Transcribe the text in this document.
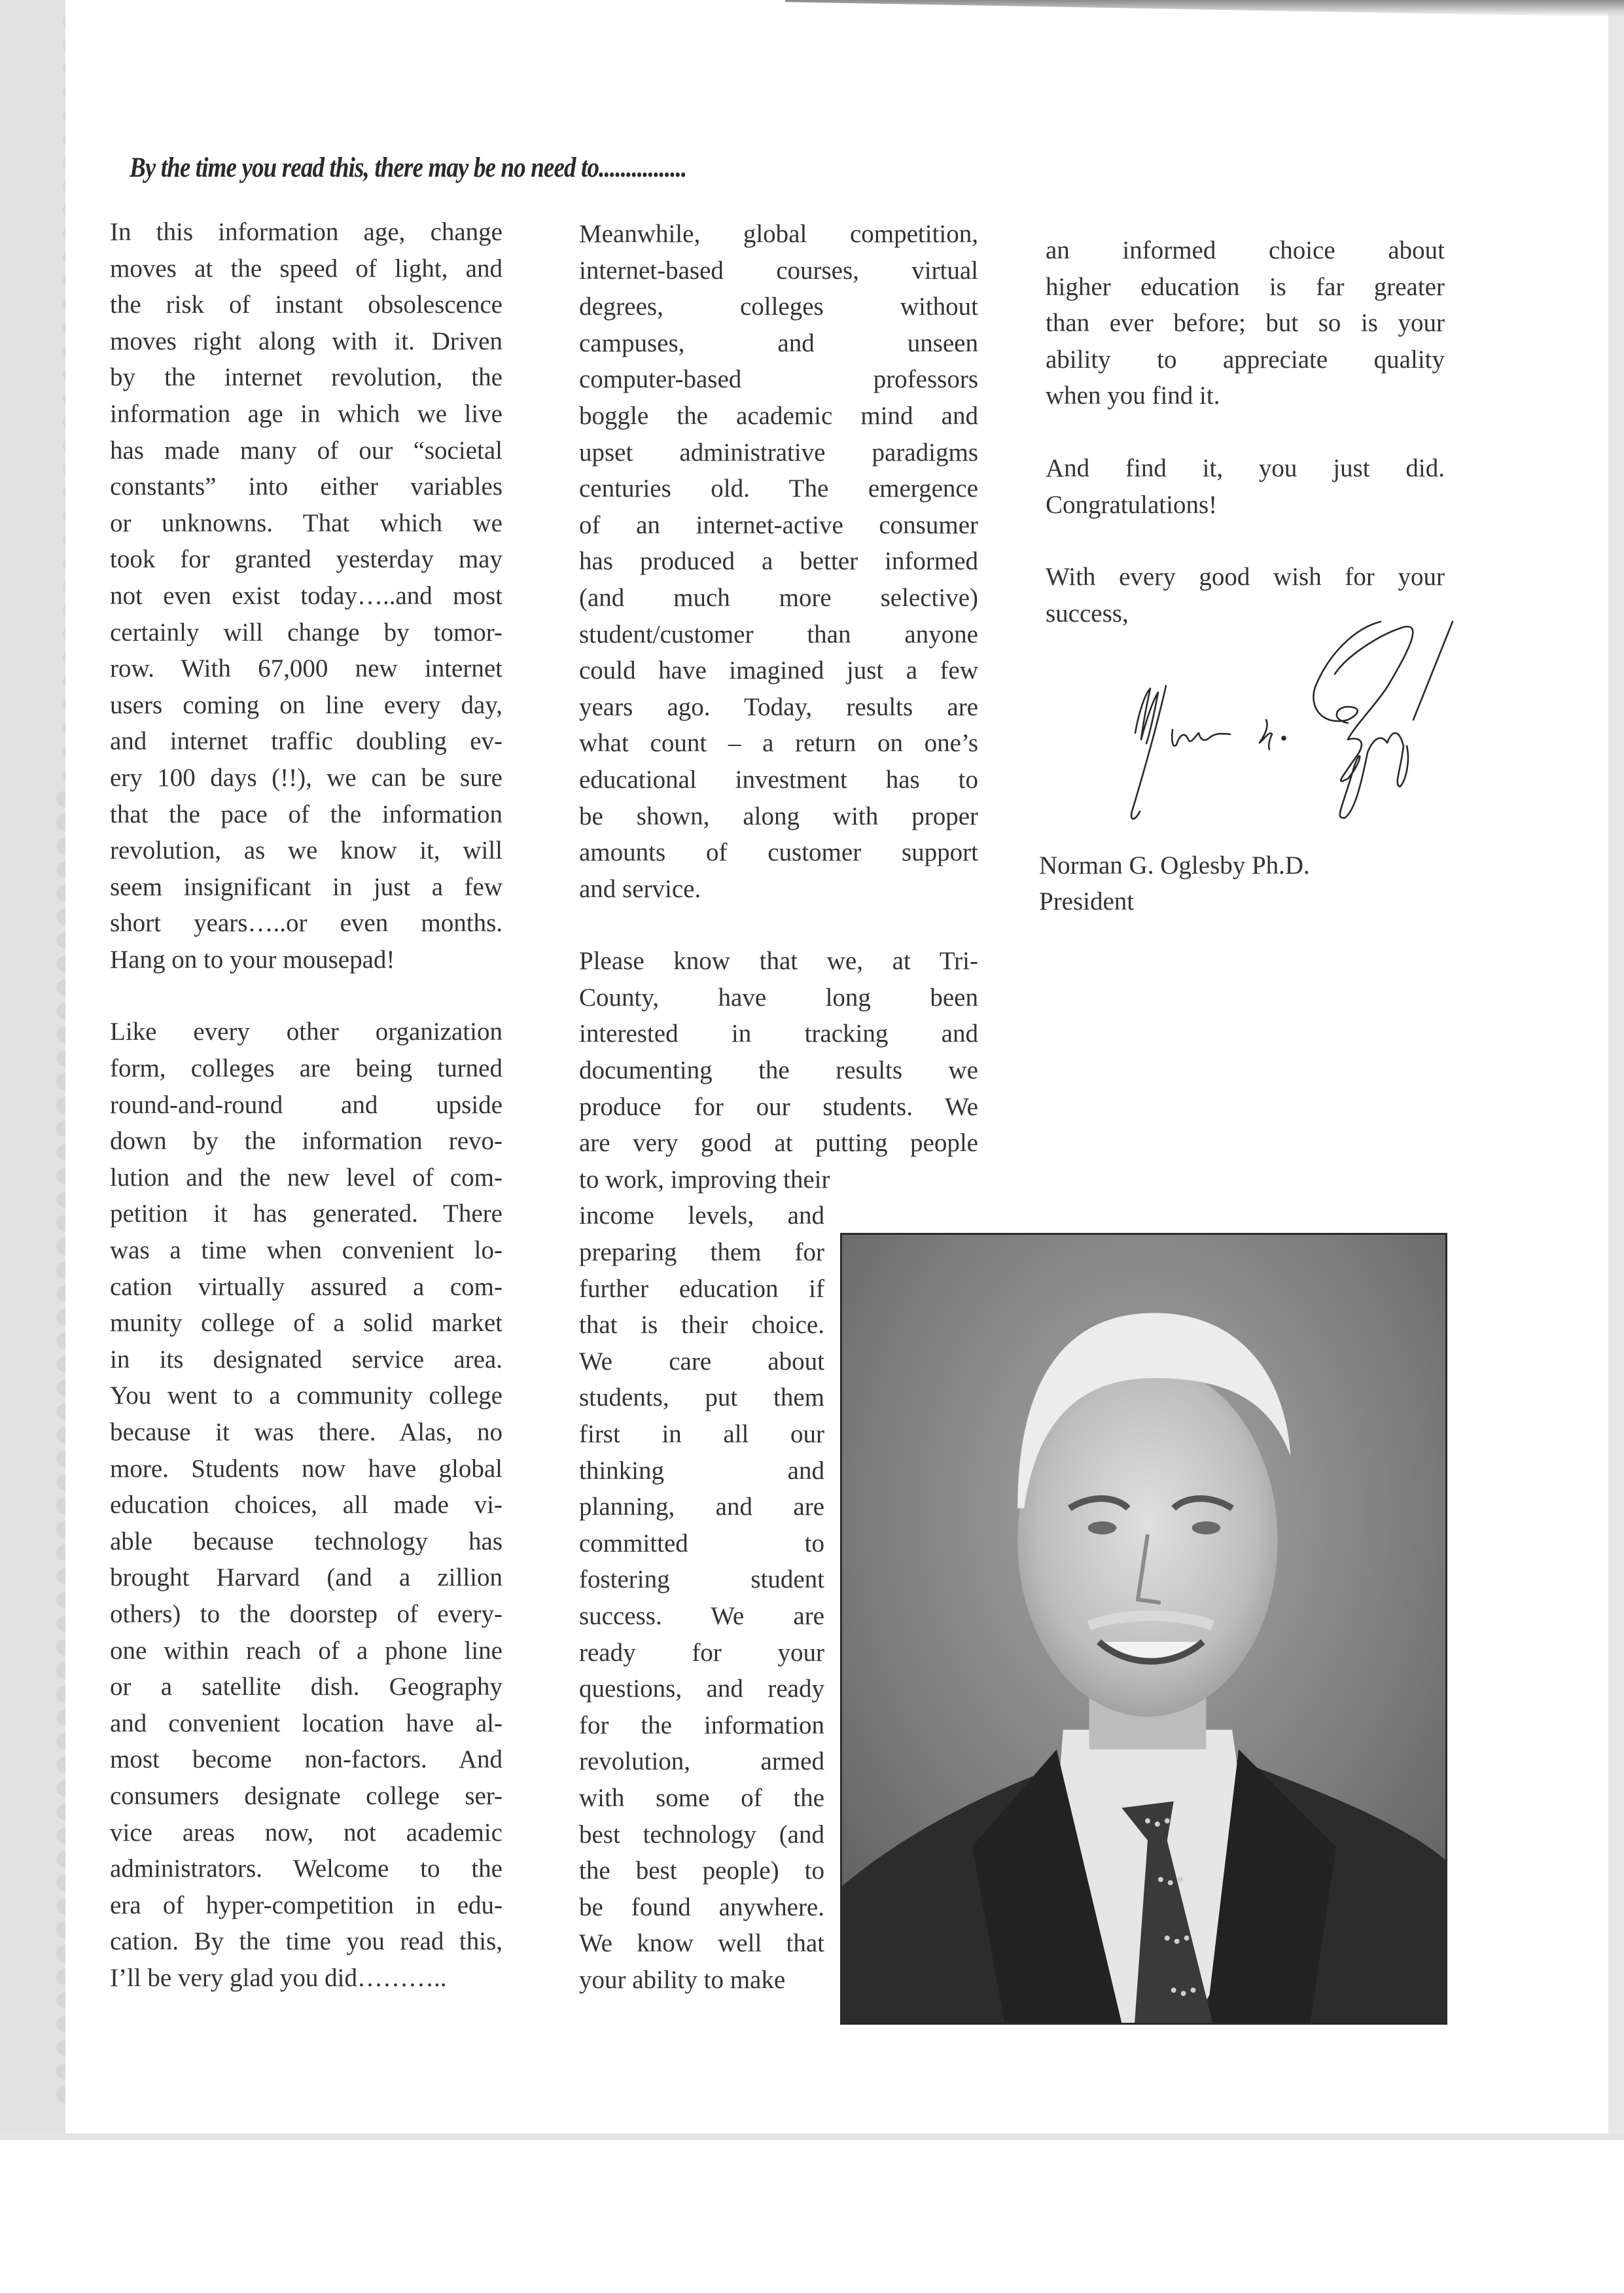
By the time you read this, there may be no need to................

In this information age, change
moves at the speed of light, and
the risk of instant obsolescence
moves right along with it. Driven
by the internet revolution, the
information age in which we live
has made many of our “societal
constants” into either variables
or unknowns. That which we
took for granted yesterday may
not even exist today…..and most
certainly will change by tomor-
row. With 67,000 new internet
users coming on line every day,
and internet traffic doubling ev-
ery 100 days (!!), we can be sure
that the pace of the information
revolution, as we know it, will
seem insignificant in just a few
short years…..or even months.
Hang on to your mousepad!

Like every other organization
form, colleges are being turned
round-and-round and upside
down by the information revo-
lution and the new level of com-
petition it has generated. There
was a time when convenient lo-
cation virtually assured a com-
munity college of a solid market
in its designated service area.
You went to a community college
because it was there. Alas, no
more. Students now have global
education choices, all made vi-
able because technology has
brought Harvard (and a zillion
others) to the doorstep of every-
one within reach of a phone line
or a satellite dish. Geography
and convenient location have al-
most become non-factors. And
consumers designate college ser-
vice areas now, not academic
administrators. Welcome to the
era of hyper-competition in edu-
cation. By the time you read this,
I’ll be very glad you did………..

Meanwhile, global competition,
internet-based courses, virtual
degrees, colleges without
campuses, and unseen
computer-based professors
boggle the academic mind and
upset administrative paradigms
centuries old. The emergence
of an internet-active consumer
has produced a better informed
(and much more selective)
student/customer than anyone
could have imagined just a few
years ago. Today, results are
what count – a return on one’s
educational investment has to
be shown, along with proper
amounts of customer support
and service.

Please know that we, at Tri-
County, have long been
interested in tracking and
documenting the results we
produce for our students. We
are very good at putting people
to work, improving their

income levels, and
preparing them for
further education if
that is their choice.
We care about
students, put them
first in all our
thinking and
planning, and are
committed to
fostering student
success. We are
ready for your
questions, and ready
for the information
revolution, armed
with some of the
best technology (and
the best people) to
be found anywhere.
We know well that
your ability to make

an informed choice about
higher education is far greater
than ever before; but so is your
ability to appreciate quality
when you find it.

And find it, you just did.
Congratulations!

With every good wish for your
success,

Norman G. Oglesby Ph.D.
President
